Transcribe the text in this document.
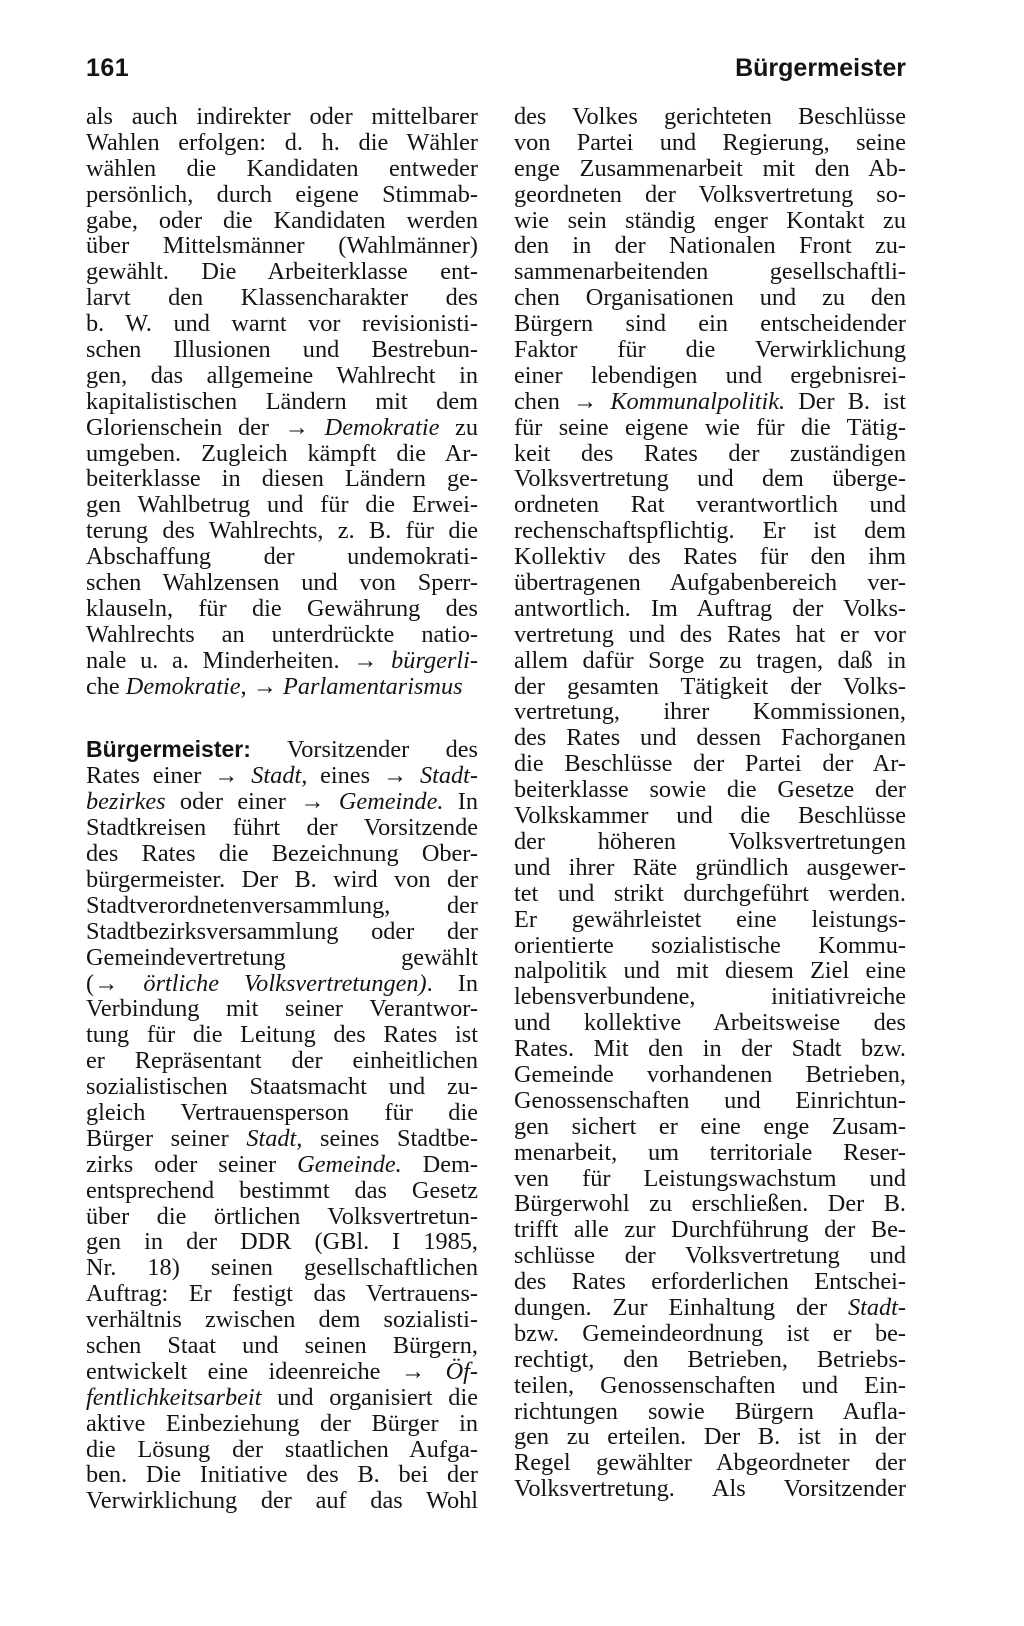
161	Bürgermeister
als auch indirekter oder mittelbarer
Wahlen erfolgen: d. h. die Wähler
wählen die Kandidaten entweder
persönlich, durch eigene Stimmab-
gabe, oder die Kandidaten werden
über Mittelsmänner (Wahlmänner)
gewählt. Die Arbeiterklasse ent-
larvt den Klassencharakter des
b. W. und warnt vor revisionisti-
schen Illusionen und Bestrebun-
gen, das allgemeine Wahlrecht in
kapitalistischen Ländern mit dem
Glorienschein der → Demokratie zu
umgeben. Zugleich kämpft die Ar-
beiterklasse in diesen Ländern ge-
gen Wahlbetrug und für die Erwei-
terung des Wahlrechts, z. B. für die
Abschaffung der undemokrati-
schen Wahlzensen und von Sperr-
klauseln, für die Gewährung des
Wahlrechts an unterdrückte natio-
nale u. a. Minderheiten. → bürgerli-
che Demokratie, → Parlamentarismus
Bürgermeister: Vorsitzender des
Rates einer → Stadt, eines → Stadt-
bezirkes oder einer → Gemeinde. In
Stadtkreisen führt der Vorsitzende
des Rates die Bezeichnung Ober-
bürgermeister. Der B. wird von der
Stadtverordnetenversammlung, der
Stadtbezirksversammlung oder der
Gemeindevertretung gewählt
(→ örtliche Volksvertretungen). In
Verbindung mit seiner Verantwor-
tung für die Leitung des Rates ist
er Repräsentant der einheitlichen
sozialistischen Staatsmacht und zu-
gleich Vertrauensperson für die
Bürger seiner Stadt, seines Stadtbe-
zirks oder seiner Gemeinde. Dem-
entsprechend bestimmt das Gesetz
über die örtlichen Volksvertretun-
gen in der DDR (GBl. I 1985,
Nr. 18) seinen gesellschaftlichen
Auftrag: Er festigt das Vertrauens-
verhältnis zwischen dem sozialisti-
schen Staat und seinen Bürgern,
entwickelt eine ideenreiche → Öf-
fentlichkeitsarbeit und organisiert die
aktive Einbeziehung der Bürger in
die Lösung der staatlichen Aufga-
ben. Die Initiative des B. bei der
Verwirklichung der auf das Wohl
des Volkes gerichteten Beschlüsse
von Partei und Regierung, seine
enge Zusammenarbeit mit den Ab-
geordneten der Volksvertretung so-
wie sein ständig enger Kontakt zu
den in der Nationalen Front zu-
sammenarbeitenden gesellschaftli-
chen Organisationen und zu den
Bürgern sind ein entscheidender
Faktor für die Verwirklichung
einer lebendigen und ergebnisrei-
chen → Kommunalpolitik. Der B. ist
für seine eigene wie für die Tätig-
keit des Rates der zuständigen
Volksvertretung und dem überge-
ordneten Rat verantwortlich und
rechenschaftspflichtig. Er ist dem
Kollektiv des Rates für den ihm
übertragenen Aufgabenbereich ver-
antwortlich. Im Auftrag der Volks-
vertretung und des Rates hat er vor
allem dafür Sorge zu tragen, daß in
der gesamten Tätigkeit der Volks-
vertretung, ihrer Kommissionen,
des Rates und dessen Fachorganen
die Beschlüsse der Partei der Ar-
beiterklasse sowie die Gesetze der
Volkskammer und die Beschlüsse
der höheren Volksvertretungen
und ihrer Räte gründlich ausgewer-
tet und strikt durchgeführt werden.
Er gewährleistet eine leistungs-
orientierte sozialistische Kommu-
nalpolitik und mit diesem Ziel eine
lebensverbundene, initiativreiche
und kollektive Arbeitsweise des
Rates. Mit den in der Stadt bzw.
Gemeinde vorhandenen Betrieben,
Genossenschaften und Einrichtun-
gen sichert er eine enge Zusam-
menarbeit, um territoriale Reser-
ven für Leistungswachstum und
Bürgerwohl zu erschließen. Der B.
trifft alle zur Durchführung der Be-
schlüsse der Volksvertretung und
des Rates erforderlichen Entschei-
dungen. Zur Einhaltung der Stadt-
bzw. Gemeindeordnung ist er be-
rechtigt, den Betrieben, Betriebs-
teilen, Genossenschaften und Ein-
richtungen sowie Bürgern Aufla-
gen zu erteilen. Der B. ist in der
Regel gewählter Abgeordneter der
Volksvertretung. Als Vorsitzender
